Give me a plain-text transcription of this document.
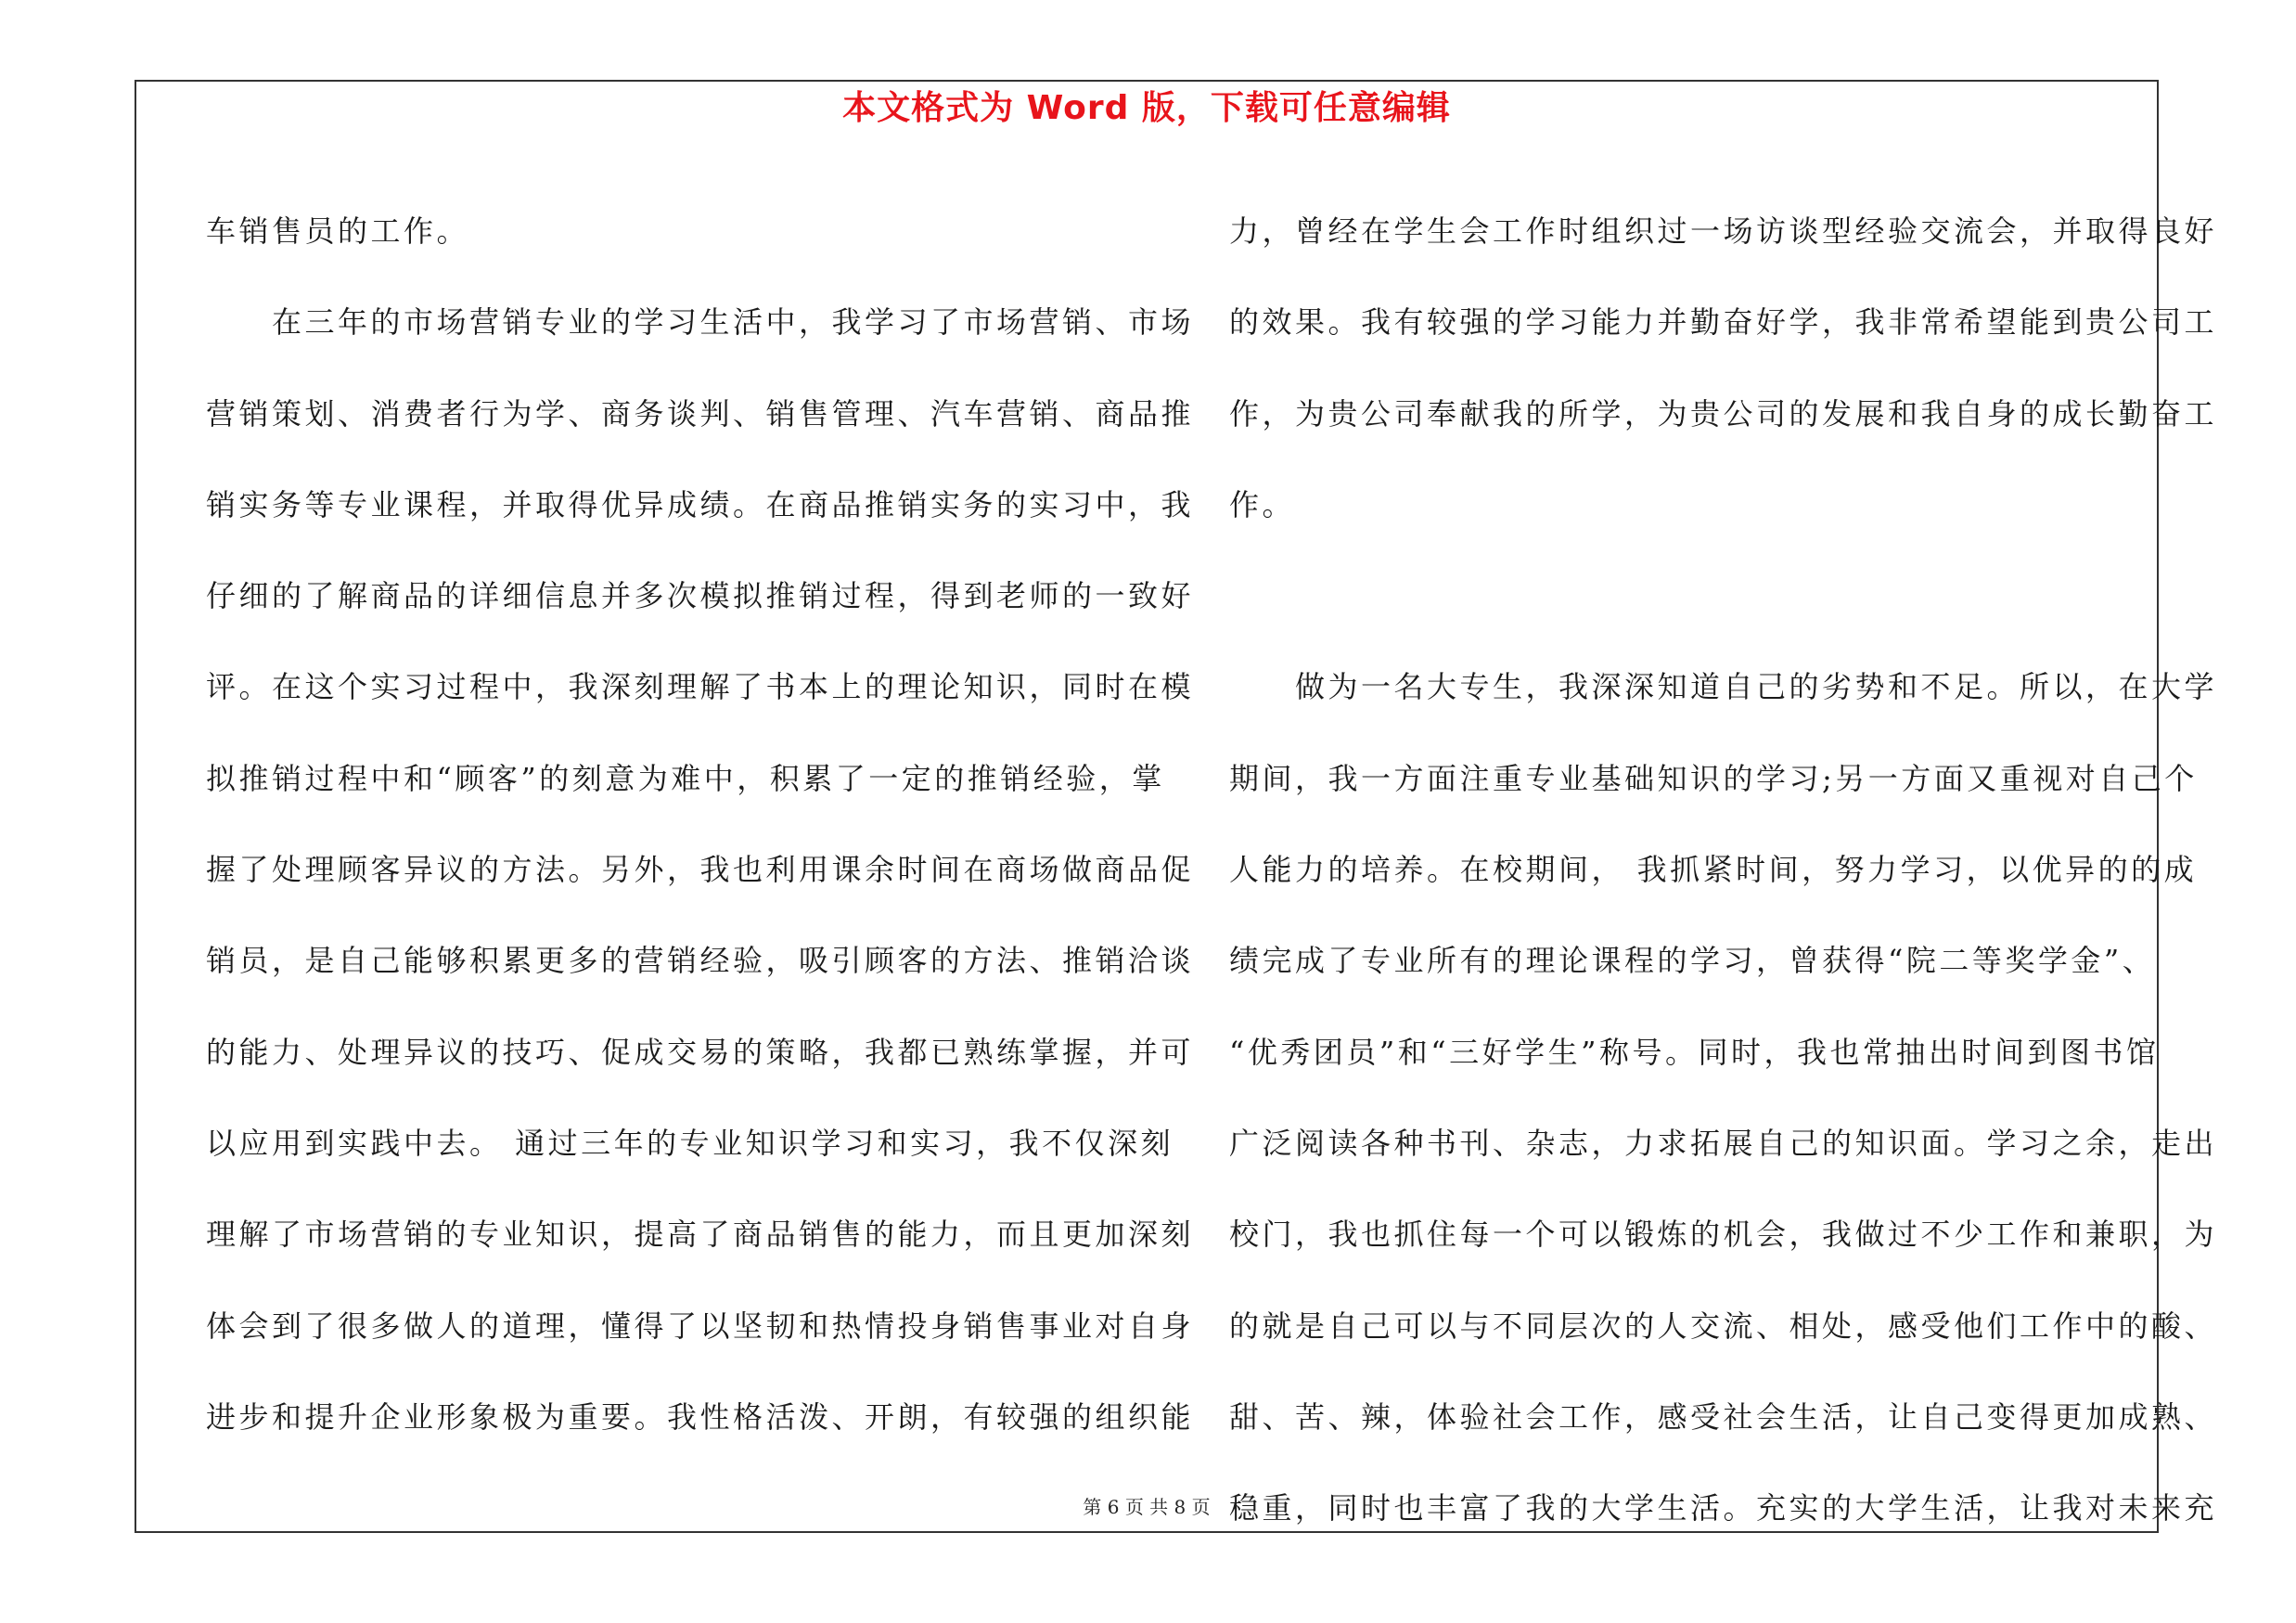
本文格式为 Word 版，下载可任意编辑
车销售员的工作。
　　在三年的市场营销专业的学习生活中，我学习了市场营销、市场
营销策划、消费者行为学、商务谈判、销售管理、汽车营销、商品推
销实务等专业课程，并取得优异成绩。在商品推销实务的实习中，我
仔细的了解商品的详细信息并多次模拟推销过程，得到老师的一致好
评。在这个实习过程中，我深刻理解了书本上的理论知识，同时在模
拟推销过程中和“顾客”的刻意为难中，积累了一定的推销经验，掌
握了处理顾客异议的方法。另外，我也利用课余时间在商场做商品促
销员，是自己能够积累更多的营销经验，吸引顾客的方法、推销洽谈
的能力、处理异议的技巧、促成交易的策略，我都已熟练掌握，并可
以应用到实践中去。 通过三年的专业知识学习和实习，我不仅深刻
理解了市场营销的专业知识，提高了商品销售的能力，而且更加深刻
体会到了很多做人的道理，懂得了以坚韧和热情投身销售事业对自身
进步和提升企业形象极为重要。我性格活泼、开朗，有较强的组织能
力，曾经在学生会工作时组织过一场访谈型经验交流会，并取得良好
的效果。我有较强的学习能力并勤奋好学，我非常希望能到贵公司工
作，为贵公司奉献我的所学，为贵公司的发展和我自身的成长勤奋工
作。
　　做为一名大专生，我深深知道自己的劣势和不足。所以，在大学
期间，我一方面注重专业基础知识的学习;另一方面又重视对自己个
人能力的培养。在校期间， 我抓紧时间，努力学习，以优异的的成
绩完成了专业所有的理论课程的学习，曾获得“院二等奖学金”、
“优秀团员”和“三好学生”称号。同时，我也常抽出时间到图书馆
广泛阅读各种书刊、杂志，力求拓展自己的知识面。学习之余，走出
校门，我也抓住每一个可以锻炼的机会，我做过不少工作和兼职，为
的就是自己可以与不同层次的人交流、相处，感受他们工作中的酸、
甜、苦、辣，体验社会工作，感受社会生活，让自己变得更加成熟、
稳重，同时也丰富了我的大学生活。充实的大学生活，让我对未来充
第 6 页 共 8 页
